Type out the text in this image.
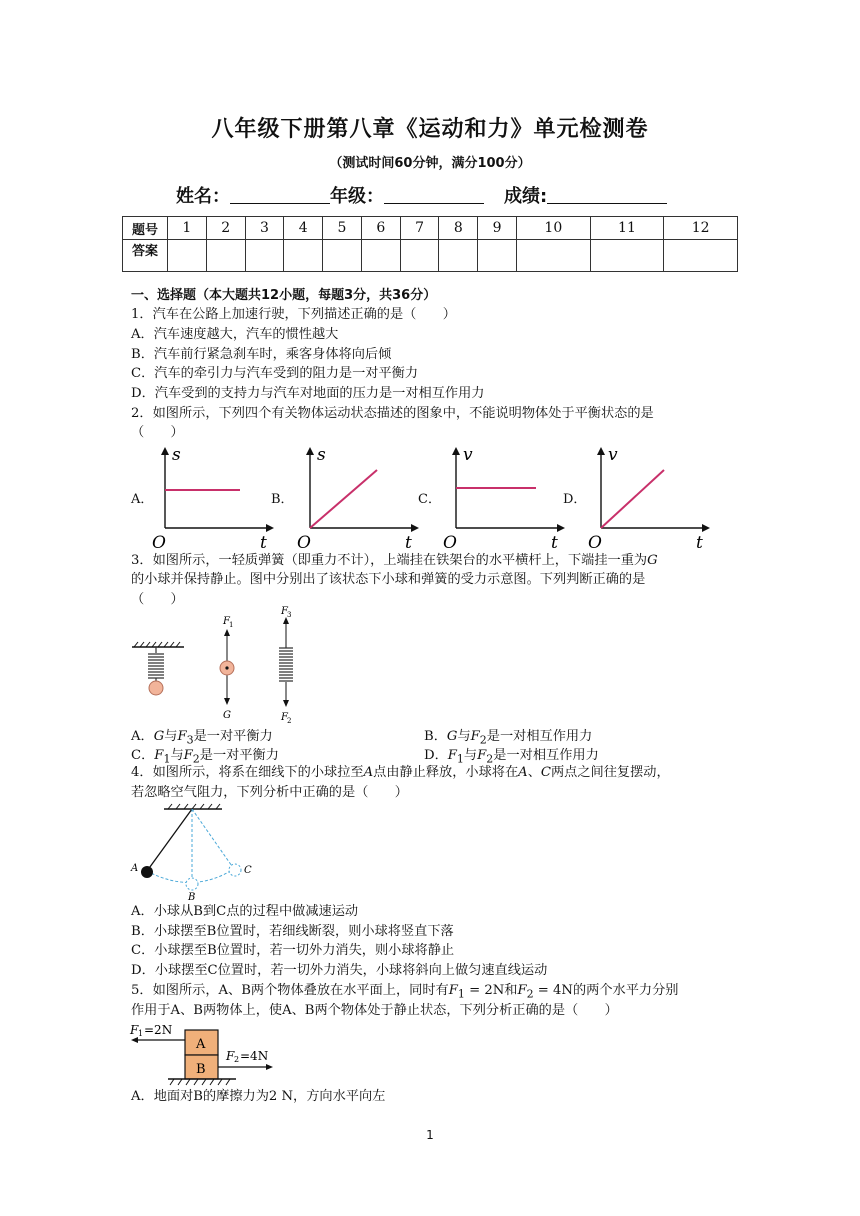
八年级下册第八章《运动和力》单元检测卷
（测试时间60分钟，满分100分）
姓名：	年级：	成绩:
题号	1	2	3	4	5	6	7	8	9	10	11	12
答案												
一、选择题（本大题共12小题，每题3分，共36分）
1．汽车在公路上加速行驶，下列描述正确的是（　　）
A．汽车速度越大，汽车的惯性越大
B．汽车前行紧急刹车时，乘客身体将向后倾
C．汽车的牵引力与汽车受到的阻力是一对平衡力
D．汽车受到的支持力与汽车对地面的压力是一对相互作用力
2．如图所示，下列四个有关物体运动状态描述的图象中，不能说明物体处于平衡状态的是
（　　）
A．
s
t
O
B．
s
t
O
C．
v
t
O
D．
v
t
O
3．如图所示，一轻质弹簧（即重力不计），上端挂在铁架台的水平横杆上，下端挂一重为G
的小球并保持静止。图中分别出了该状态下小球和弹簧的受力示意图。下列判断正确的是
（　　）
F 1
G
F 3
F 2
A．G与$F_3$是一对平衡力	B．G与$F_2$是一对相互作用力
C．$F_1$与$F_2$是一对平衡力	D．$F_1$与$F_2$是一对相互作用力
4．如图所示，将系在细线下的小球拉至A点由静止释放，小球将在A、C两点之间往复摆动，
若忽略空气阻力，下列分析中正确的是（　　）
A
B
C
A．小球从B到C点的过程中做减速运动
B．小球摆至B位置时，若细线断裂，则小球将竖直下落
C．小球摆至B位置时，若一切外力消失，则小球将静止
D．小球摆至C位置时，若一切外力消失，小球将斜向上做匀速直线运动
5．如图所示，A、B两个物体叠放在水平面上，同时有$F_1 = 2N$和$F_2 = 4N$的两个水平力分别
作用于A、B两物体上，使A、B两个物体处于静止状态，下列分析正确的是（　　）
A
B
F 1 =2N
F 2 =4N
A．地面对B的摩擦力为2 N，方向水平向左
1
